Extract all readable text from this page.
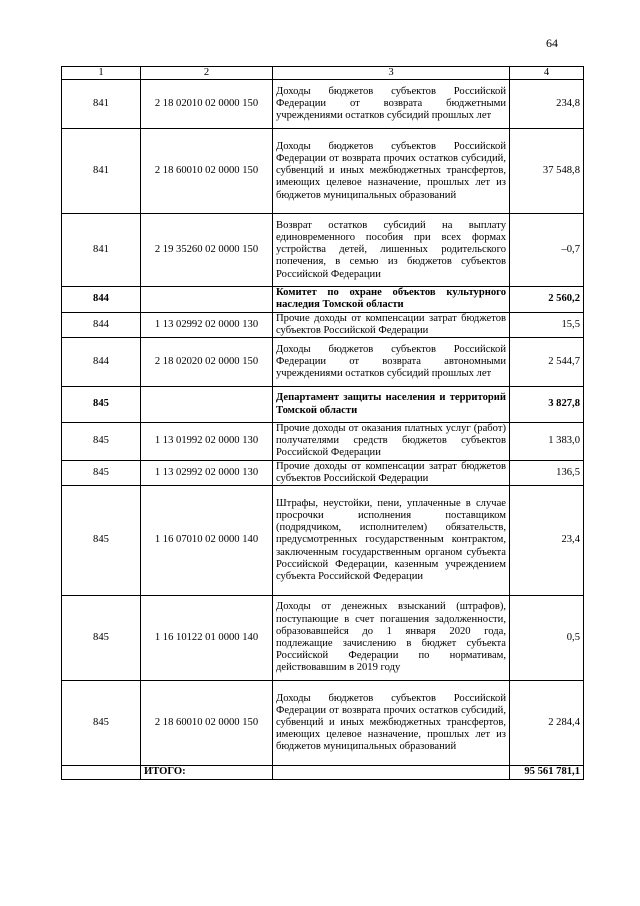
64
1	2	3	4
841	2 18 02010 02 0000 150	Доходы бюджетов субъектов Российской Федерации от возврата бюджетными учреждениями остатков субсидий прошлых лет	234,8
841	2 18 60010 02 0000 150	Доходы бюджетов субъектов Российской Федерации от возврата прочих остатков субсидий, субвенций и иных межбюджетных трансфертов, имеющих целевое назначение, прошлых лет из бюджетов муниципальных образований	37 548,8
841	2 19 35260 02 0000 150	Возврат остатков субсидий на выплату единовременного пособия при всех формах устройства детей, лишенных родительского попечения, в семью из бюджетов субъектов Российской Федерации	–0,7
844		Комитет по охране объектов культурного наследия Томской области	2 560,2
844	1 13 02992 02 0000 130	Прочие доходы от компенсации затрат бюджетов субъектов Российской Федерации	15,5
844	2 18 02020 02 0000 150	Доходы бюджетов субъектов Российской Федерации от возврата автономными учреждениями остатков субсидий прошлых лет	2 544,7
845		Департамент защиты населения и территорий Томской области	3 827,8
845	1 13 01992 02 0000 130	Прочие доходы от оказания платных услуг (работ) получателями средств бюджетов субъектов Российской Федерации	1 383,0
845	1 13 02992 02 0000 130	Прочие доходы от компенсации затрат бюджетов субъектов Российской Федерации	136,5
845	1 16 07010 02 0000 140	Штрафы, неустойки, пени, уплаченные в случае просрочки исполнения поставщиком (подрядчиком, исполнителем) обязательств, предусмотренных государственным контрактом, заключенным государственным органом субъекта Российской Федерации, казенным учреждением субъекта Российской Федерации	23,4
845	1 16 10122 01 0000 140	Доходы от денежных взысканий (штрафов), поступающие в счет погашения задолженности, образовавшейся до 1 января 2020 года, подлежащие зачислению в бюджет субъекта Российской Федерации по нормативам, действовавшим в 2019 году	0,5
845	2 18 60010 02 0000 150	Доходы бюджетов субъектов Российской Федерации от возврата прочих остатков субсидий, субвенций и иных межбюджетных трансфертов, имеющих целевое назначение, прошлых лет из бюджетов муниципальных образований	2 284,4
	ИТОГО:		95 561 781,1
